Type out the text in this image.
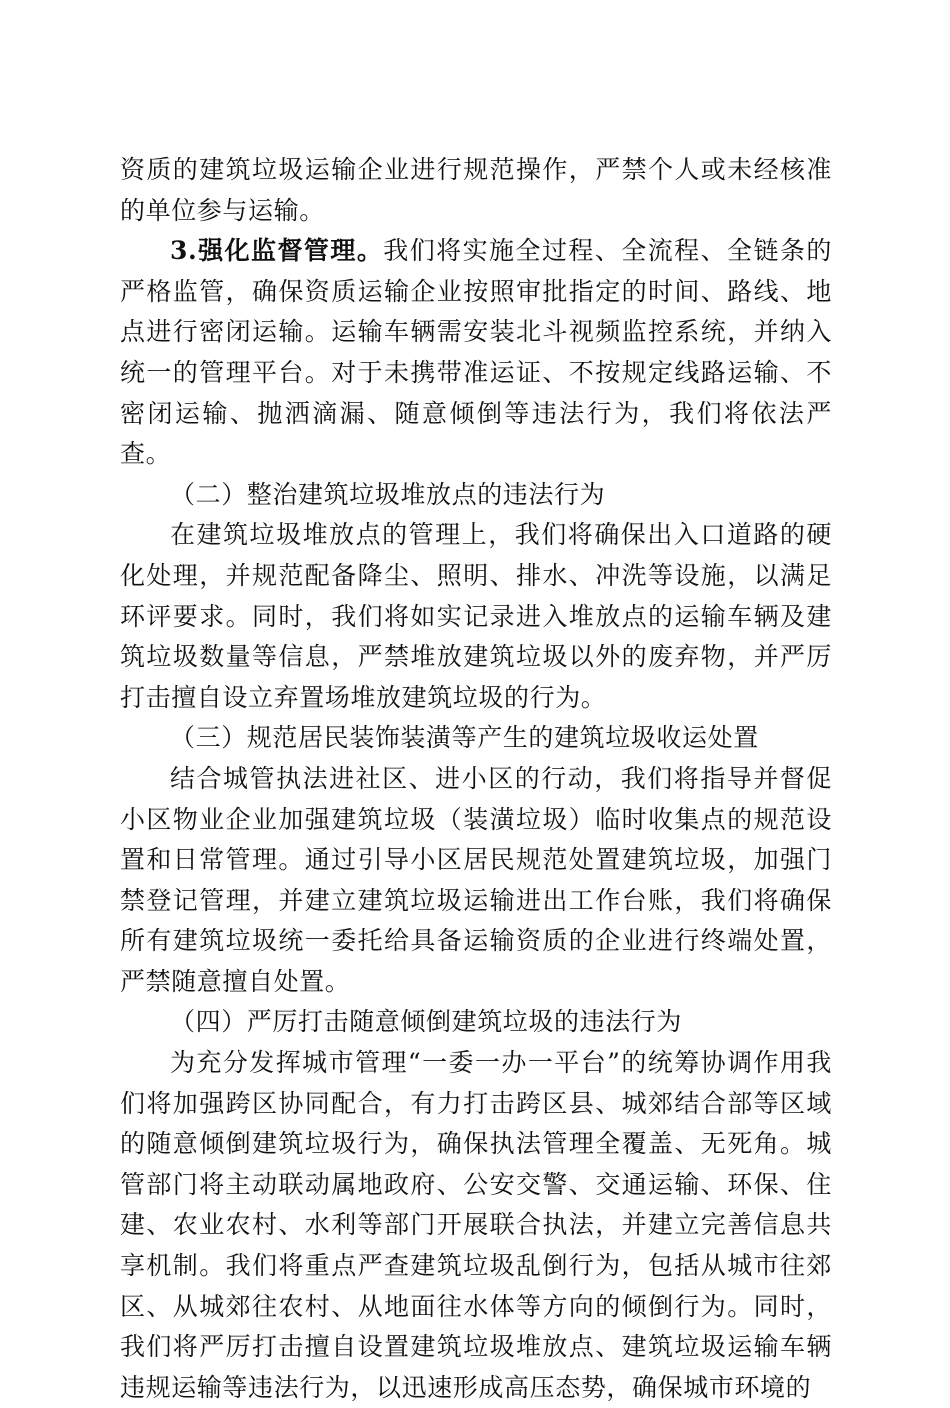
资质的建筑垃圾运输企业进行规范操作，严禁个人或未经核准的单位参与运输。

3.强化监督管理。我们将实施全过程、全流程、全链条的严格监管，确保资质运输企业按照审批指定的时间、路线、地点进行密闭运输。运输车辆需安装北斗视频监控系统，并纳入统一的管理平台。对于未携带准运证、不按规定线路运输、不密闭运输、抛洒滴漏、随意倾倒等违法行为，我们将依法严查。

（二）整治建筑垃圾堆放点的违法行为

在建筑垃圾堆放点的管理上，我们将确保出入口道路的硬化处理，并规范配备降尘、照明、排水、冲洗等设施，以满足环评要求。同时，我们将如实记录进入堆放点的运输车辆及建筑垃圾数量等信息，严禁堆放建筑垃圾以外的废弃物，并严厉打击擅自设立弃置场堆放建筑垃圾的行为。

（三）规范居民装饰装潢等产生的建筑垃圾收运处置

结合城管执法进社区、进小区的行动，我们将指导并督促小区物业企业加强建筑垃圾（装潢垃圾）临时收集点的规范设置和日常管理。通过引导小区居民规范处置建筑垃圾，加强门禁登记管理，并建立建筑垃圾运输进出工作台账，我们将确保所有建筑垃圾统一委托给具备运输资质的企业进行终端处置，严禁随意擅自处置。

（四）严厉打击随意倾倒建筑垃圾的违法行为

为充分发挥城市管理“一委一办一平台”的统筹协调作用我们将加强跨区协同配合，有力打击跨区县、城郊结合部等区域的随意倾倒建筑垃圾行为，确保执法管理全覆盖、无死角。城管部门将主动联动属地政府、公安交警、交通运输、环保、住建、农业农村、水利等部门开展联合执法，并建立完善信息共享机制。我们将重点严查建筑垃圾乱倒行为，包括从城市往郊区、从城郊往农村、从地面往水体等方向的倾倒行为。同时，我们将严厉打击擅自设置建筑垃圾堆放点、建筑垃圾运输车辆违规运输等违法行为，以迅速形成高压态势，确保城市环境的
